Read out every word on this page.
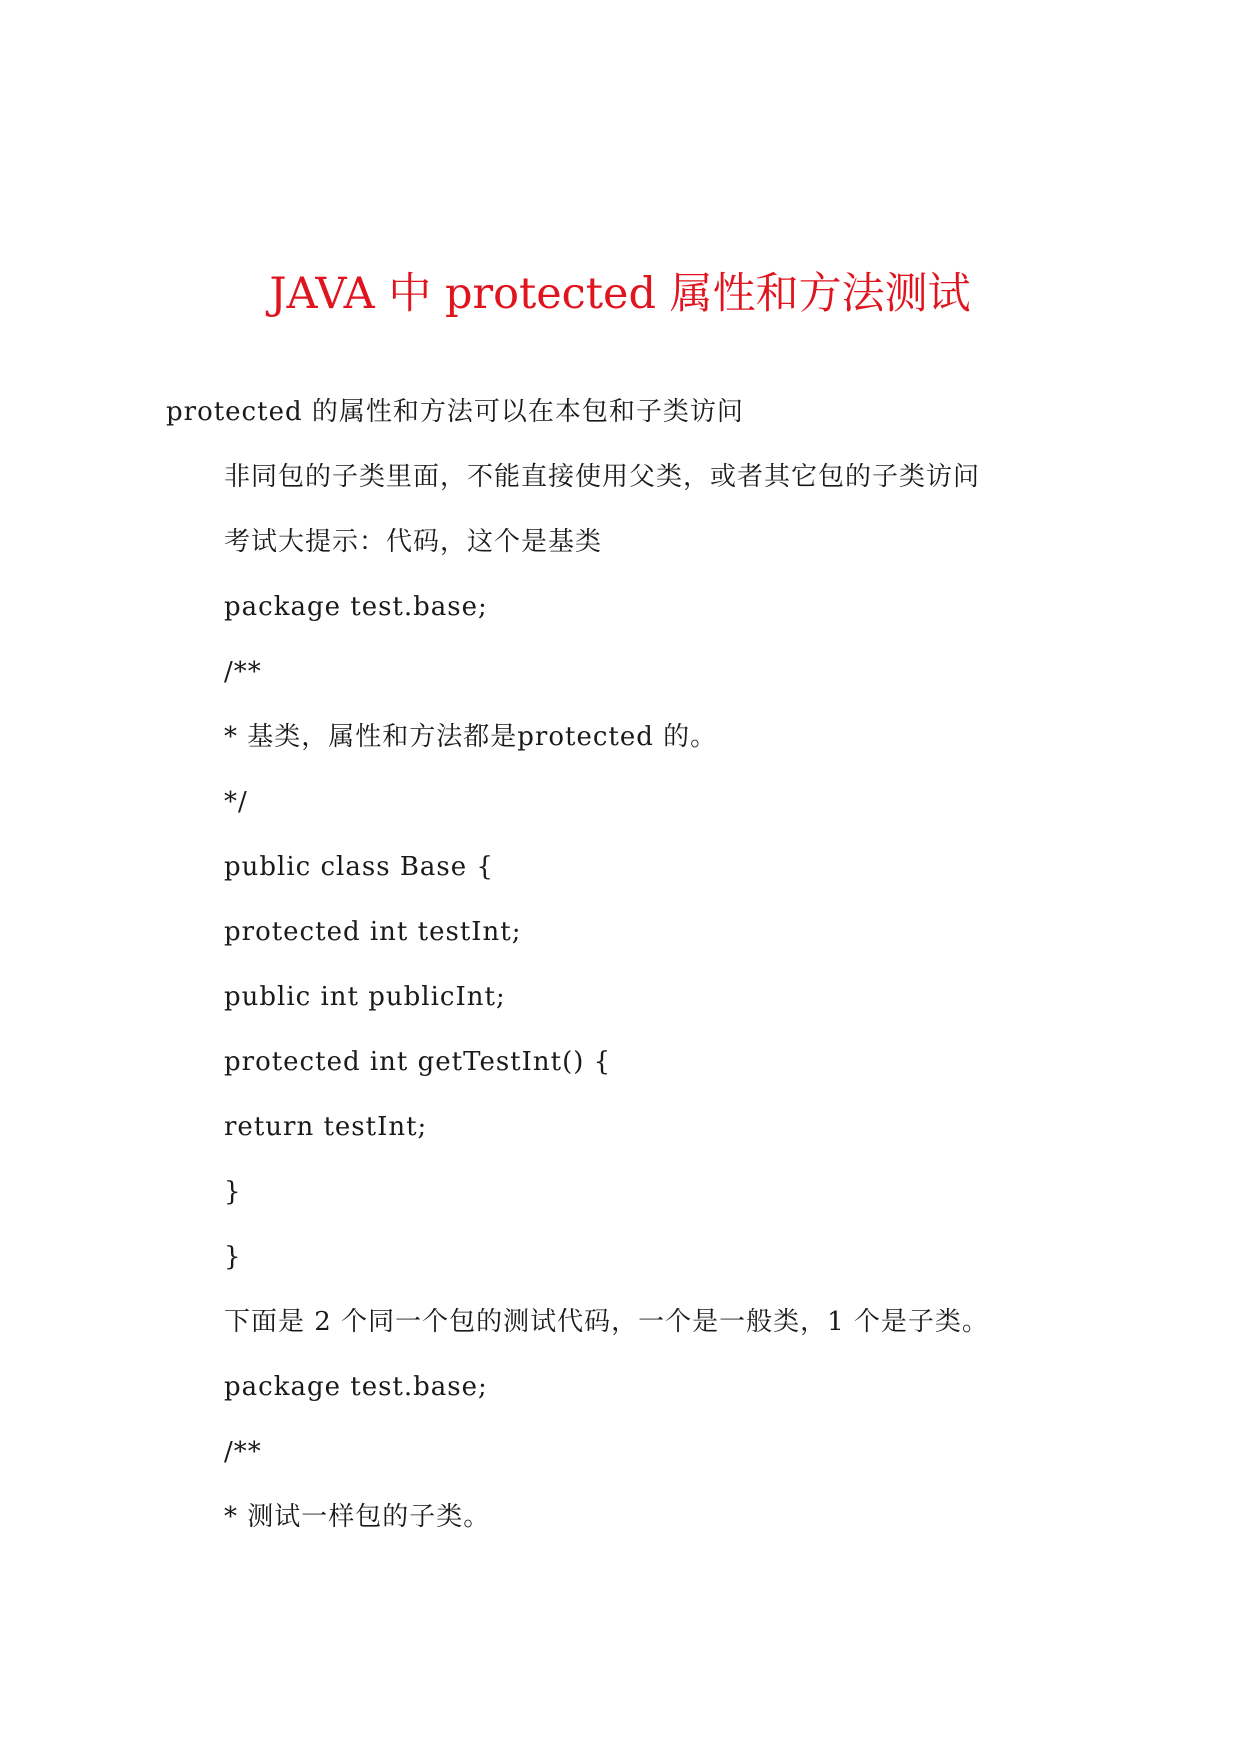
JAVA 中 protected 属性和方法测试
protected 的属性和方法可以在本包和子类访问
非同包的子类里面，不能直接使用父类，或者其它包的子类访问
考试大提示：代码，这个是基类
package test.base;
/**
* 基类，属性和方法都是protected 的。
*/
public class Base {
protected int testInt;
public int publicInt;
protected int getTestInt() {
return testInt;
}
}
下面是 2 个同一个包的测试代码，一个是一般类，1 个是子类。
package test.base;
/**
* 测试一样包的子类。
